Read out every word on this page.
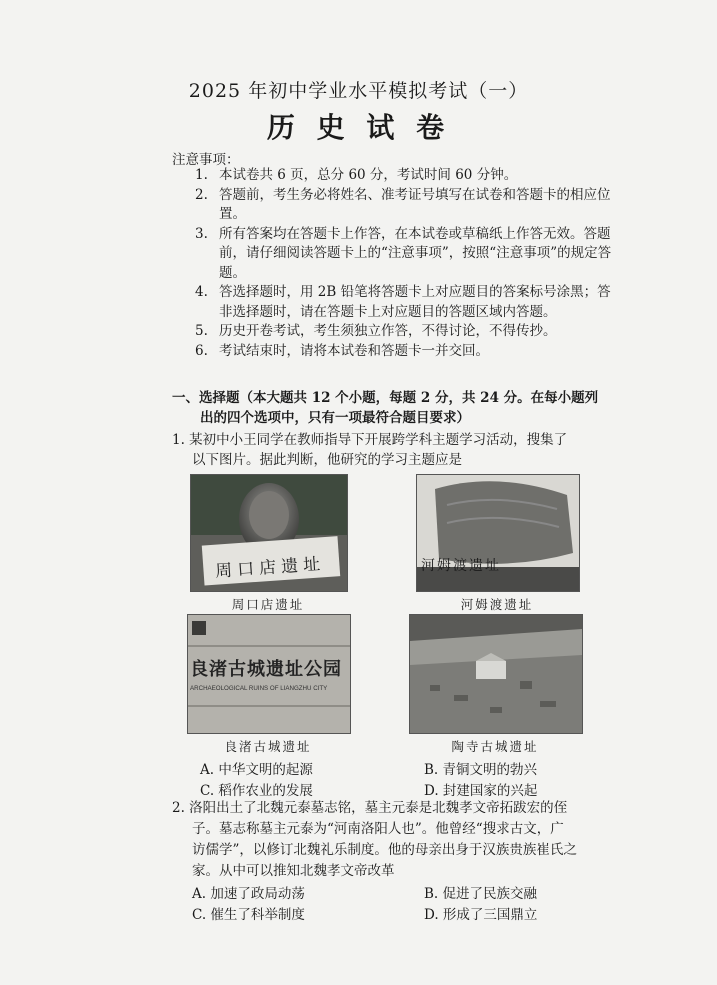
2025 年初中学业水平模拟考试（一）
历 史 试 卷
注意事项：
1. 本试卷共 6 页，总分 60 分，考试时间 60 分钟。
2. 答题前，考生务必将姓名、准考证号填写在试卷和答题卡的相应位置。
3. 所有答案均在答题卡上作答，在本试卷或草稿纸上作答无效。答题前，请仔细阅读答题卡上的“注意事项”，按照“注意事项”的规定答题。
4. 答选择题时，用 2B 铅笔将答题卡上对应题目的答案标号涂黑；答非选择题时，请在答题卡上对应题目的答题区域内答题。
5. 历史开卷考试，考生须独立作答，不得讨论，不得传抄。
6. 考试结束时，请将本试卷和答题卡一并交回。
一、选择题（本大题共 12 个小题，每题 2 分，共 24 分。在每小题列
出的四个选项中，只有一项最符合题目要求）
1. 某初中小王同学在教师指导下开展跨学科主题学习活动，搜集了
以下图片。据此判断，他研究的学习主题应是
周口店遗址
周口店遗址
河姆渡遗址
河姆渡遗址
良渚古城遗址公园
ARCHAEOLOGICAL RUINS OF LIANGZHU CITY
良渚古城遗址	陶寺古城遗址
A. 中华文明的起源	B. 青铜文明的勃兴
C. 稻作农业的发展	D. 封建国家的兴起
2. 洛阳出土了北魏元泰墓志铭，墓主元泰是北魏孝文帝拓跋宏的侄
子。墓志称墓主元泰为“河南洛阳人也”。他曾经“搜求古文，广
访儒学”，以修订北魏礼乐制度。他的母亲出身于汉族贵族崔氏之
家。从中可以推知北魏孝文帝改革
A. 加速了政局动荡	B. 促进了民族交融
C. 催生了科举制度	D. 形成了三国鼎立
